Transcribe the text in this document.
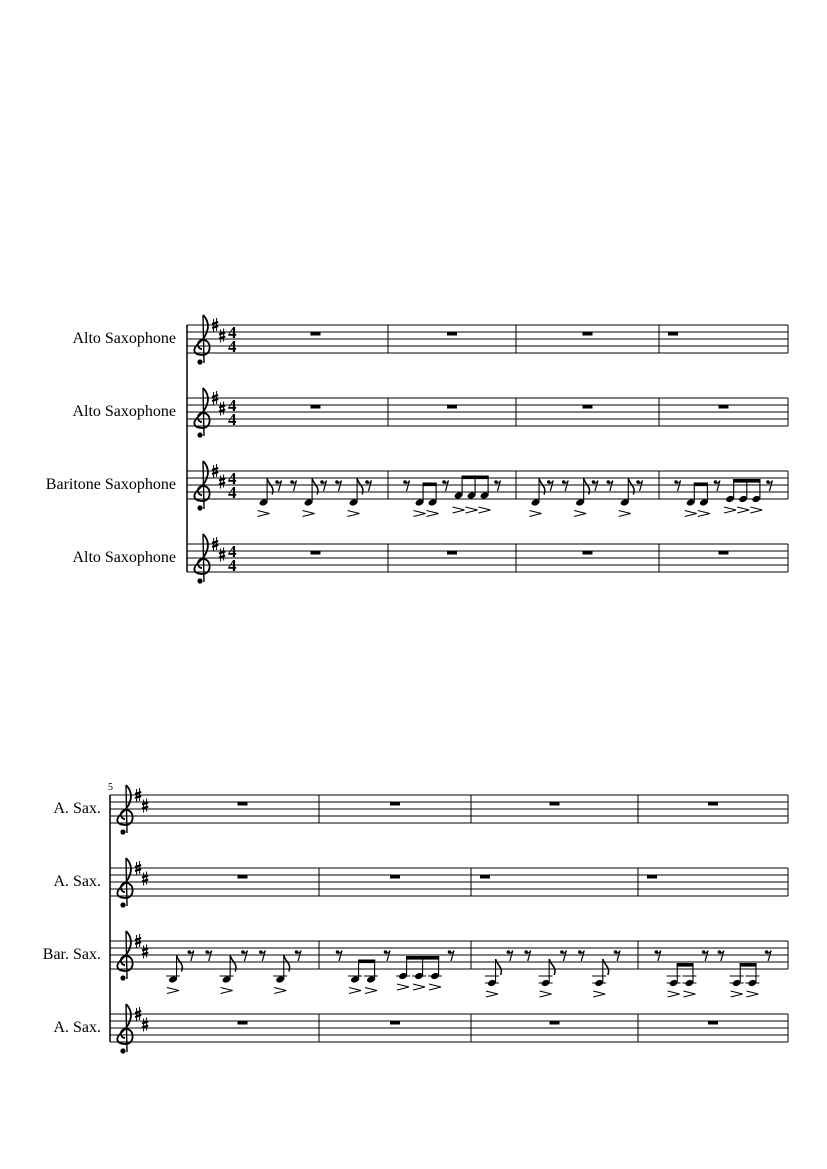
4
4
4
4
4
4
4
4
Alto Saxophone
Alto Saxophone
Baritone Saxophone
Alto Saxophone
5
A. Sax.
A. Sax.
Bar. Sax.
A. Sax.
